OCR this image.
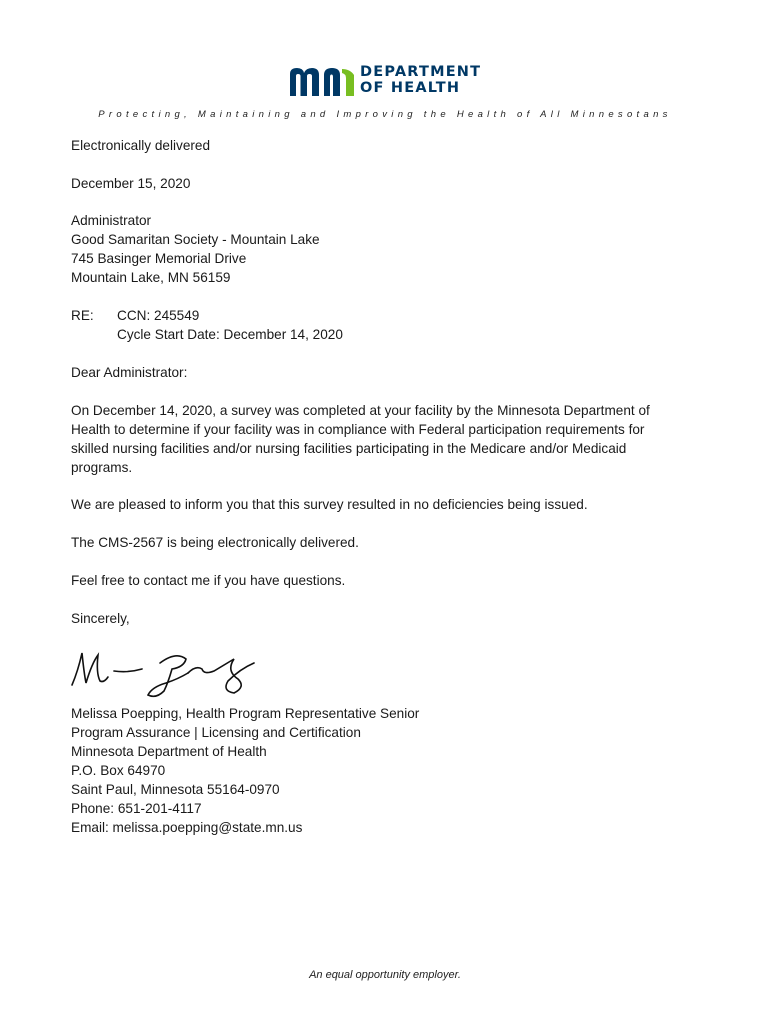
DEPARTMENT
OF HEALTH
Protecting, Maintaining and Improving the Health of All Minnesotans
Electronically delivered
December 15, 2020
Administrator
Good Samaritan Society - Mountain Lake
745 Basinger Memorial Drive
Mountain Lake, MN 56159
RE: CCN: 245549
Cycle Start Date: December 14, 2020
Dear Administrator:
On December 14, 2020, a survey was completed at your facility by the Minnesota Department of
Health to determine if your facility was in compliance with Federal participation requirements for
skilled nursing facilities and/or nursing facilities participating in the Medicare and/or Medicaid
programs.
We are pleased to inform you that this survey resulted in no deficiencies being issued.
The CMS-2567 is being electronically delivered.
Feel free to contact me if you have questions.
Sincerely,
Melissa Poepping, Health Program Representative Senior
Program Assurance | Licensing and Certification
Minnesota Department of Health
P.O. Box 64970
Saint Paul, Minnesota 55164-0970
Phone: 651-201-4117
Email: melissa.poepping@state.mn.us
An equal opportunity employer.
